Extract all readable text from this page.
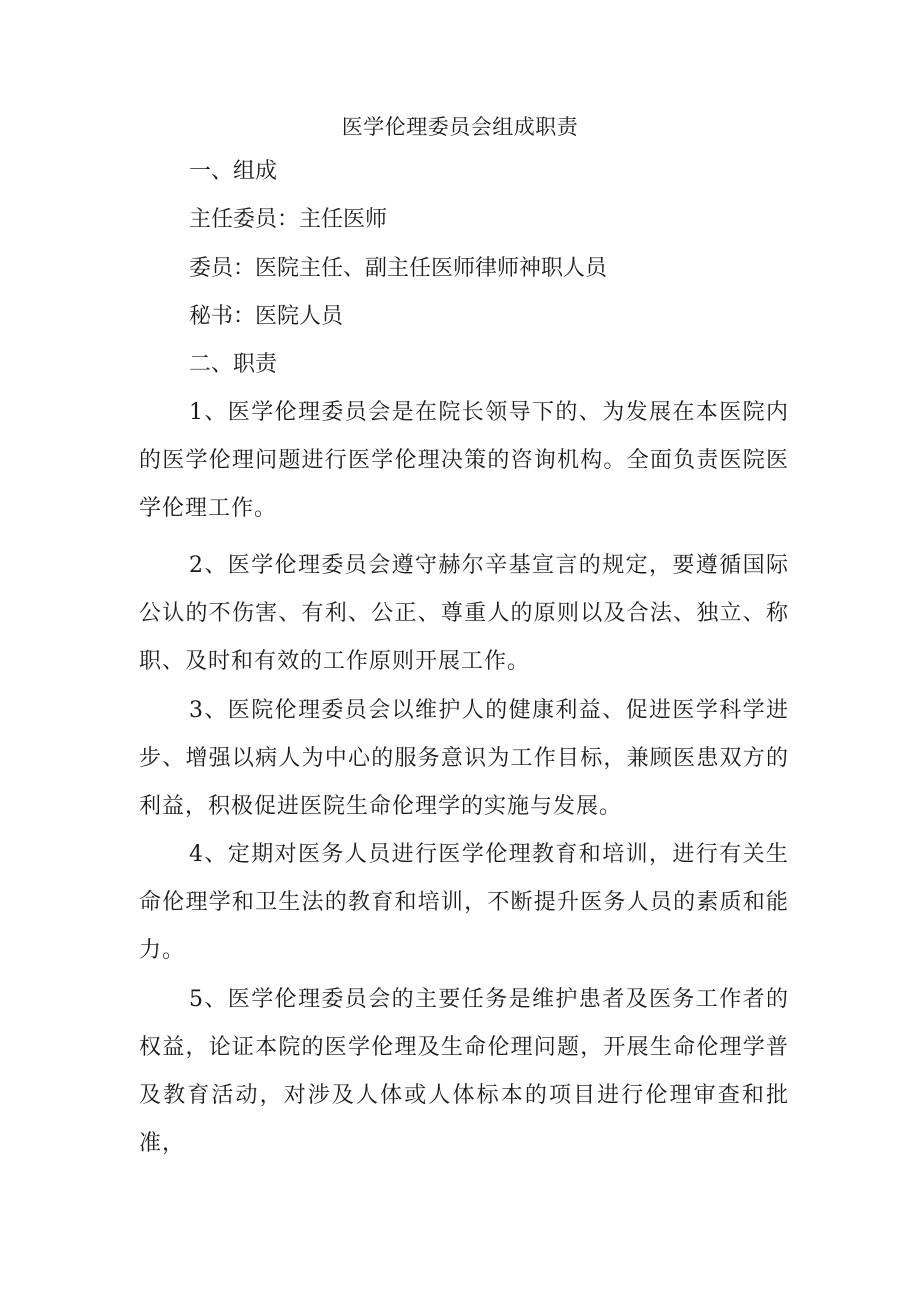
医学伦理委员会组成职责
一、组成
主任委员：主任医师
委员：医院主任、副主任医师律师神职人员
秘书：医院人员
二、职责
1、医学伦理委员会是在院长领导下的、为发展在本医院内的医学伦理问题进行医学伦理决策的咨询机构。全面负责医院医学伦理工作。
2、医学伦理委员会遵守赫尔辛基宣言的规定，要遵循国际公认的不伤害、有利、公正、尊重人的原则以及合法、独立、称职、及时和有效的工作原则开展工作。
3、医院伦理委员会以维护人的健康利益、促进医学科学进步、增强以病人为中心的服务意识为工作目标，兼顾医患双方的利益，积极促进医院生命伦理学的实施与发展。
4、定期对医务人员进行医学伦理教育和培训，进行有关生命伦理学和卫生法的教育和培训，不断提升医务人员的素质和能力。
5、医学伦理委员会的主要任务是维护患者及医务工作者的权益，论证本院的医学伦理及生命伦理问题，开展生命伦理学普及教育活动，对涉及人体或人体标本的项目进行伦理审查和批准，
